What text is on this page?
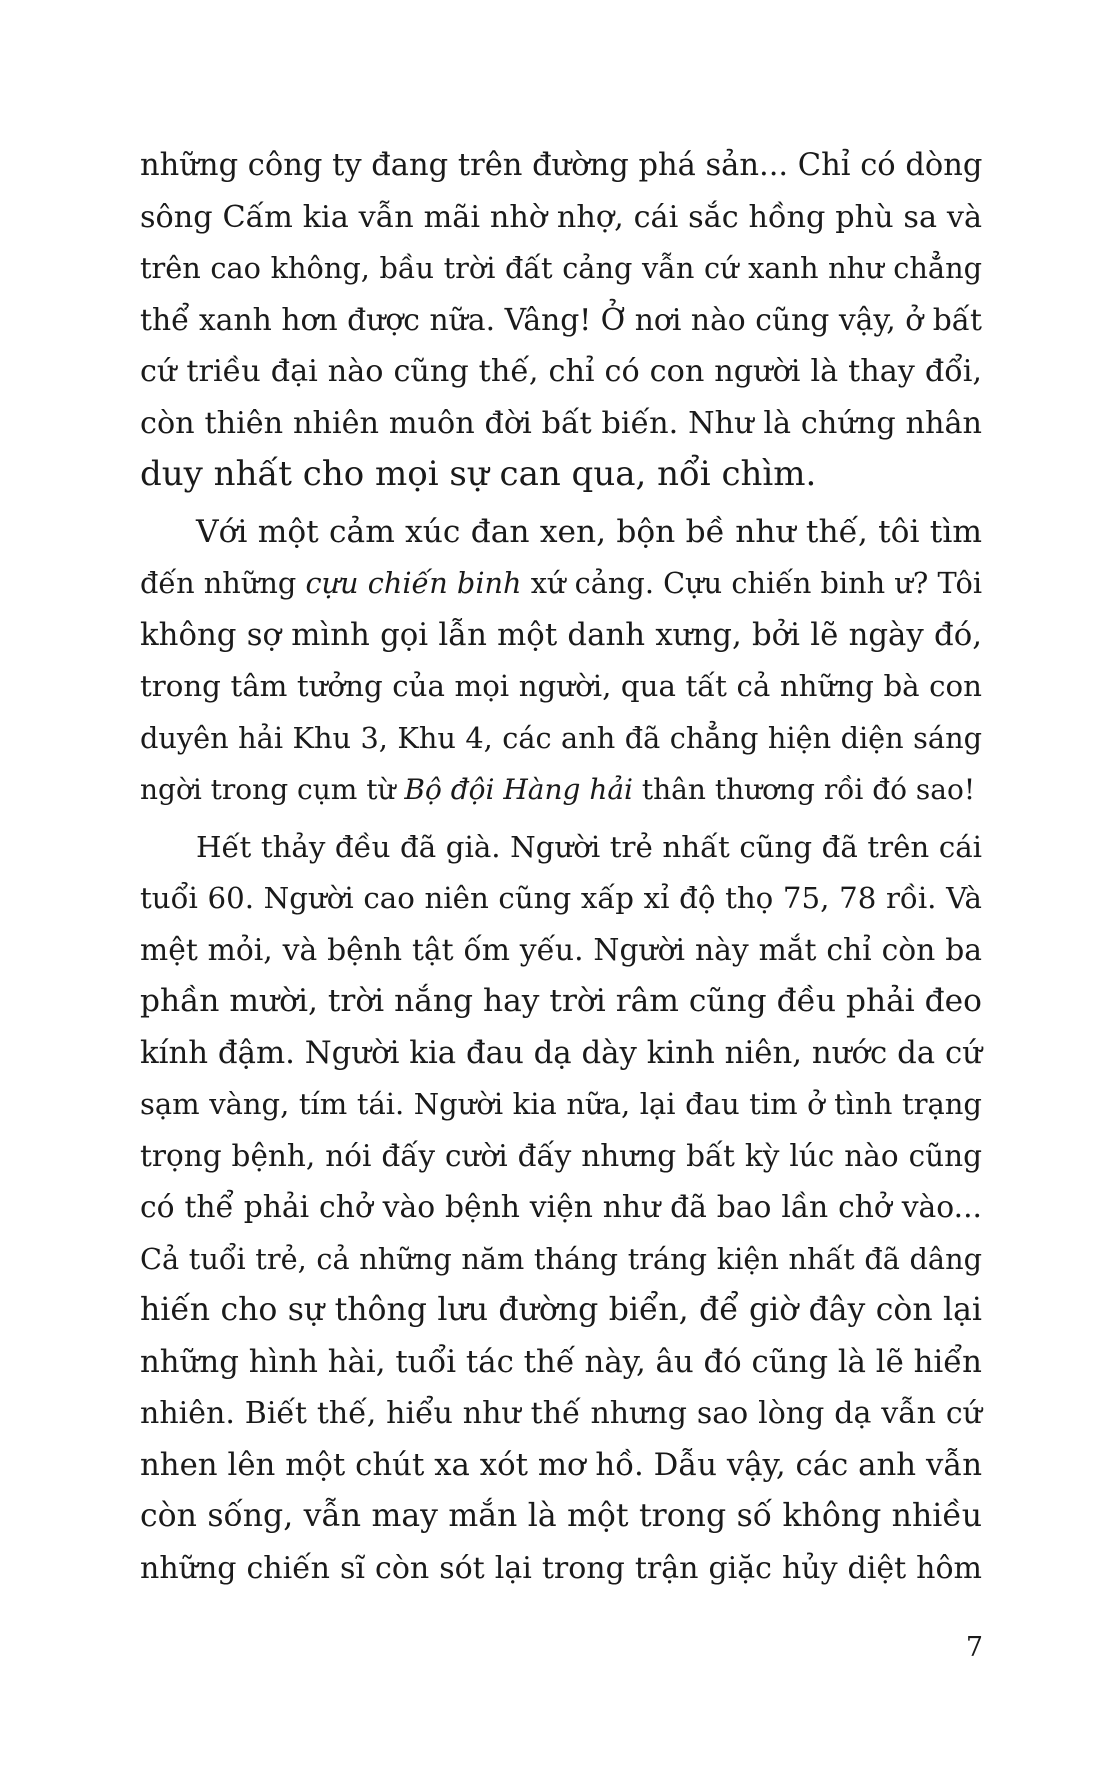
những công ty đang trên đường phá sản... Chỉ có dòng
sông Cấm kia vẫn mãi nhờ nhợ, cái sắc hồng phù sa và
trên cao không, bầu trời đất cảng vẫn cứ xanh như chẳng
thể xanh hơn được nữa. Vâng! Ở nơi nào cũng vậy, ở bất
cứ triều đại nào cũng thế, chỉ có con người là thay đổi,
còn thiên nhiên muôn đời bất biến. Như là chứng nhân
duy nhất cho mọi sự can qua, nổi chìm.
Với một cảm xúc đan xen, bộn bề như thế, tôi tìm
đến những cựu chiến binh xứ cảng. Cựu chiến binh ư? Tôi
không sợ mình gọi lẫn một danh xưng, bởi lẽ ngày đó,
trong tâm tưởng của mọi người, qua tất cả những bà con
duyên hải Khu 3, Khu 4, các anh đã chẳng hiện diện sáng
ngời trong cụm từ Bộ đội Hàng hải thân thương rồi đó sao!
Hết thảy đều đã già. Người trẻ nhất cũng đã trên cái
tuổi 60. Người cao niên cũng xấp xỉ độ thọ 75, 78 rồi. Và
mệt mỏi, và bệnh tật ốm yếu. Người này mắt chỉ còn ba
phần mười, trời nắng hay trời râm cũng đều phải đeo
kính đậm. Người kia đau dạ dày kinh niên, nước da cứ
sạm vàng, tím tái. Người kia nữa, lại đau tim ở tình trạng
trọng bệnh, nói đấy cười đấy nhưng bất kỳ lúc nào cũng
có thể phải chở vào bệnh viện như đã bao lần chở vào...
Cả tuổi trẻ, cả những năm tháng tráng kiện nhất đã dâng
hiến cho sự thông lưu đường biển, để giờ đây còn lại
những hình hài, tuổi tác thế này, âu đó cũng là lẽ hiển
nhiên. Biết thế, hiểu như thế nhưng sao lòng dạ vẫn cứ
nhen lên một chút xa xót mơ hồ. Dẫu vậy, các anh vẫn
còn sống, vẫn may mắn là một trong số không nhiều
những chiến sĩ còn sót lại trong trận giặc hủy diệt hôm
7
